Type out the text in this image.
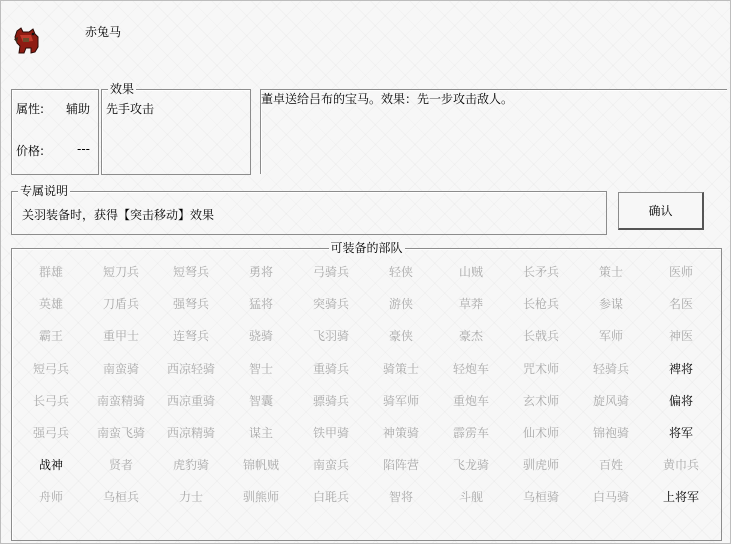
赤兔马
属性: 辅助
价格:	---
效果
先手攻击
董卓送给吕布的宝马。效果：先一步攻击敌人。
专属说明
关羽装备时，获得【突击移动】效果	确认
可装备的部队
群雄	短刀兵	短弩兵	勇将	弓骑兵	轻侠	山贼	长矛兵	策士	医师
英雄	刀盾兵	强弩兵	猛将	突骑兵	游侠	草莽	长枪兵	参谋	名医
霸王	重甲士	连弩兵	骁骑	飞羽骑	豪侠	豪杰	长戟兵	军师	神医
短弓兵	南蛮骑	西凉轻骑	智士	重骑兵	骑策士	轻炮车	咒术师	轻骑兵	裨将
长弓兵	南蛮精骑	西凉重骑	智囊	骠骑兵	骑军师	重炮车	玄术师	旋风骑	偏将
强弓兵	南蛮飞骑	西凉精骑	谋主	铁甲骑	神策骑	霹雳车	仙术师	锦袍骑	将军
战神	贤者	虎豹骑	锦帆贼	南蛮兵	陷阵营	飞龙骑	驯虎师	百姓	黄巾兵
舟师	乌桓兵	力士	驯熊师	白毦兵	智将	斗舰	乌桓骑	白马骑	上将军
